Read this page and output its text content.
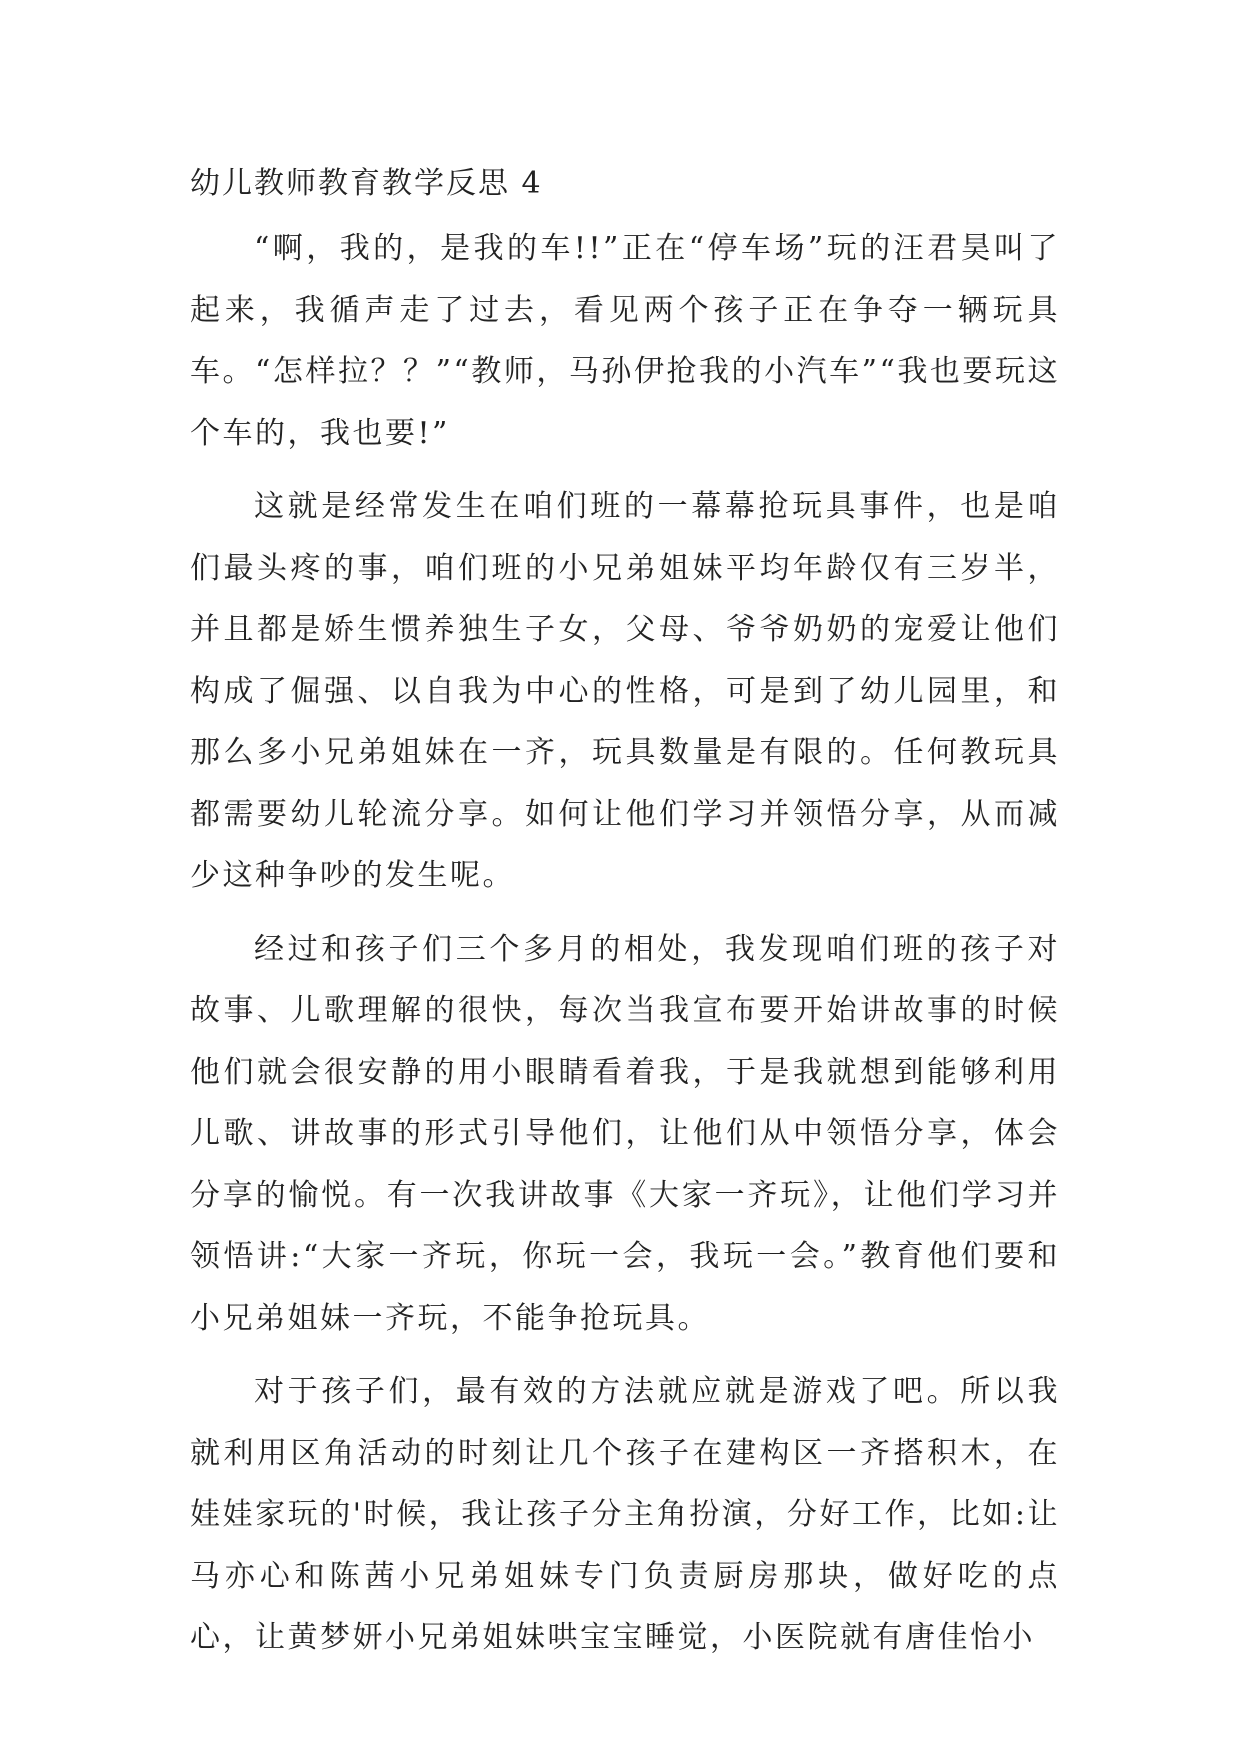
幼儿教师教育教学反思 4

“啊，我的，是我的车!!”正在“停车场”玩的汪君昊叫了起来，我循声走了过去，看见两个孩子正在争夺一辆玩具车。“怎样拉？？”“教师，马孙伊抢我的小汽车”“我也要玩这个车的，我也要!”

这就是经常发生在咱们班的一幕幕抢玩具事件，也是咱们最头疼的事，咱们班的小兄弟姐妹平均年龄仅有三岁半，并且都是娇生惯养独生子女，父母、爷爷奶奶的宠爱让他们构成了倔强、以自我为中心的性格，可是到了幼儿园里，和那么多小兄弟姐妹在一齐，玩具数量是有限的。任何教玩具都需要幼儿轮流分享。如何让他们学习并领悟分享，从而减少这种争吵的发生呢。

经过和孩子们三个多月的相处，我发现咱们班的孩子对故事、儿歌理解的很快，每次当我宣布要开始讲故事的时候他们就会很安静的用小眼睛看着我，于是我就想到能够利用儿歌、讲故事的形式引导他们，让他们从中领悟分享，体会分享的愉悦。有一次我讲故事《大家一齐玩》，让他们学习并领悟讲:“大家一齐玩，你玩一会，我玩一会。”教育他们要和小兄弟姐妹一齐玩，不能争抢玩具。

对于孩子们，最有效的方法就应就是游戏了吧。所以我就利用区角活动的时刻让几个孩子在建构区一齐搭积木，在娃娃家玩的'时候，我让孩子分主角扮演，分好工作，比如:让马亦心和陈茜小兄弟姐妹专门负责厨房那块，做好吃的点心，让黄梦妍小兄弟姐妹哄宝宝睡觉，小医院就有唐佳怡小
